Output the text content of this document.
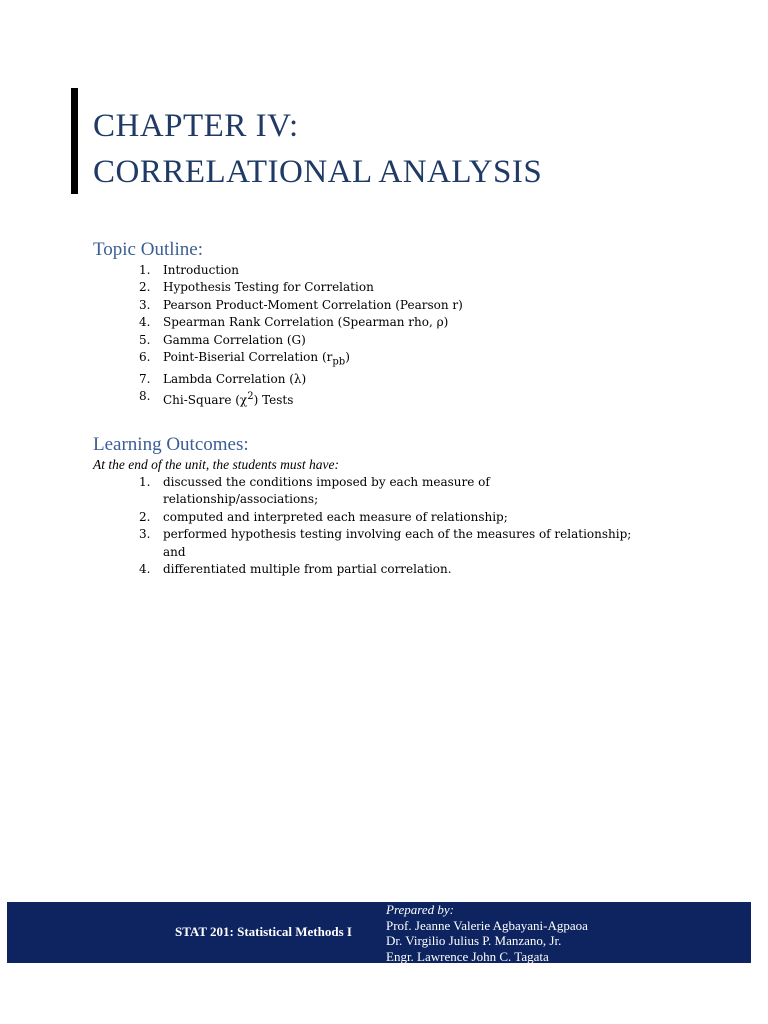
CHAPTER IV:
CORRELATIONAL ANALYSIS
Topic Outline:
1.	Introduction
2.	Hypothesis Testing for Correlation
3.	Pearson Product-Moment Correlation (Pearson r)
4.	Spearman Rank Correlation (Spearman rho, ρ)
5.	Gamma Correlation (G)
6.	Point-Biserial Correlation $(r_{pb})$
7.	Lambda Correlation (λ)
8.	Chi-Square $(\chi^2)$ Tests
Learning Outcomes:
At the end of the unit, the students must have:
1.	discussed the conditions imposed by each measure of
relationship/associations;
2.	computed and interpreted each measure of relationship;
3.	performed hypothesis testing involving each of the measures of relationship;
and
4.	differentiated multiple from partial correlation.
STAT 201: Statistical Methods I
Prepared by:
Prof. Jeanne Valerie Agbayani-Agpaoa
Dr. Virgilio Julius P. Manzano, Jr.
Engr. Lawrence John C. Tagata
